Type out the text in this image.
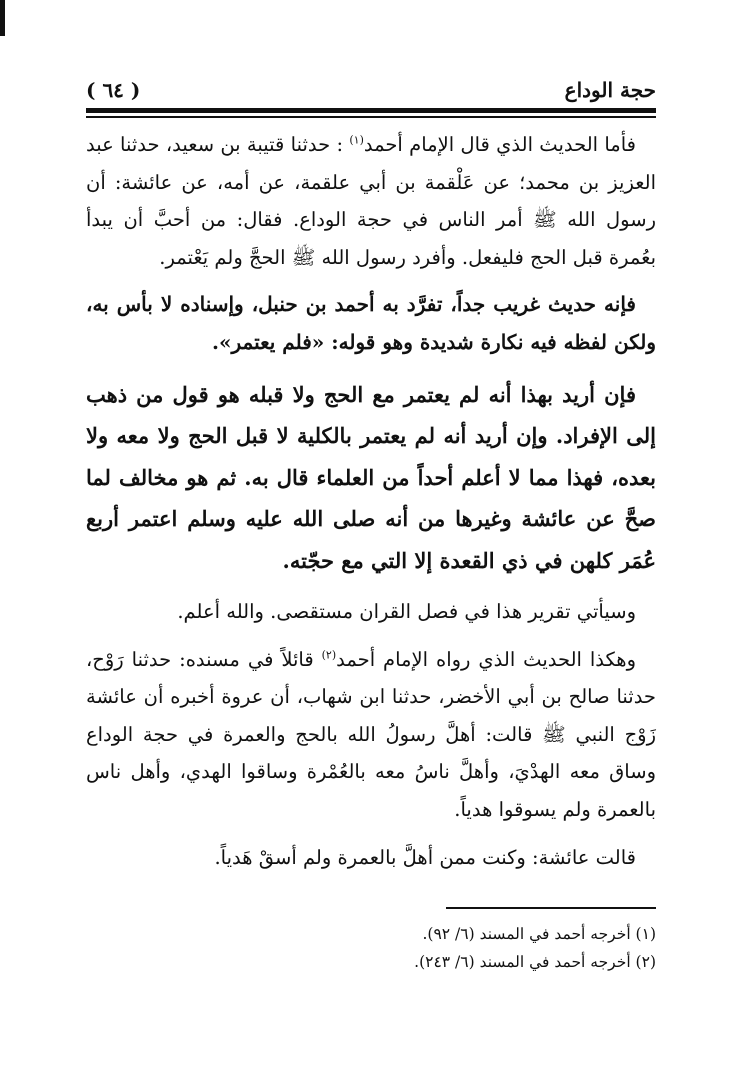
حجة الوداع
( ٦٤ )

فأما الحديث الذي قال الإمام أحمد$^{(١)}$ : حدثنا قتيبة بن سعيد، حدثنا عبد العزيز بن محمد؛ عن عَلْقمة بن أبي علقمة، عن أمه، عن عائشة: أن رسول الله ﷺ أمر الناس في حجة الوداع. فقال: من أحبَّ أن يبدأ بعُمرة قبل الحج فليفعل. وأفرد رسول الله ﷺ الحجَّ ولم يَعْتمر.

فإنه حديث غريب جداً، تفرَّد به أحمد بن حنبل، وإسناده لا بأس به، ولكن لفظه فيه نكارة شديدة وهو قوله: «فلم يعتمر».

فإن أريد بهذا أنه لم يعتمر مع الحج ولا قبله هو قول من ذهب إلى الإفراد. وإن أريد أنه لم يعتمر بالكلية لا قبل الحج ولا معه ولا بعده، فهذا مما لا أعلم أحداً من العلماء قال به. ثم هو مخالف لما صحَّ عن عائشة وغيرها من أنه صلى الله عليه وسلم اعتمر أربع عُمَر كلهن في ذي القعدة إلا التي مع حجّته.

وسيأتي تقرير هذا في فصل القران مستقصى. والله أعلم.

وهكذا الحديث الذي رواه الإمام أحمد$^{(٢)}$ قائلاً في مسنده: حدثنا رَوْح، حدثنا صالح بن أبي الأخضر، حدثنا ابن شهاب، أن عروة أخبره أن عائشة زَوْج النبي ﷺ قالت: أهلَّ رسولُ الله بالحج والعمرة في حجة الوداع وساق معه الهدْيَ، وأهلَّ ناسُ معه بالعُمْرة وساقوا الهدي، وأهل ناس بالعمرة ولم يسوقوا هدياً.

قالت عائشة: وكنت ممن أهلَّ بالعمرة ولم أسقْ هَدياً.

(١) أخرجه أحمد في المسند (٦/ ٩٢).

(٢) أخرجه أحمد في المسند (٦/ ٢٤٣).
